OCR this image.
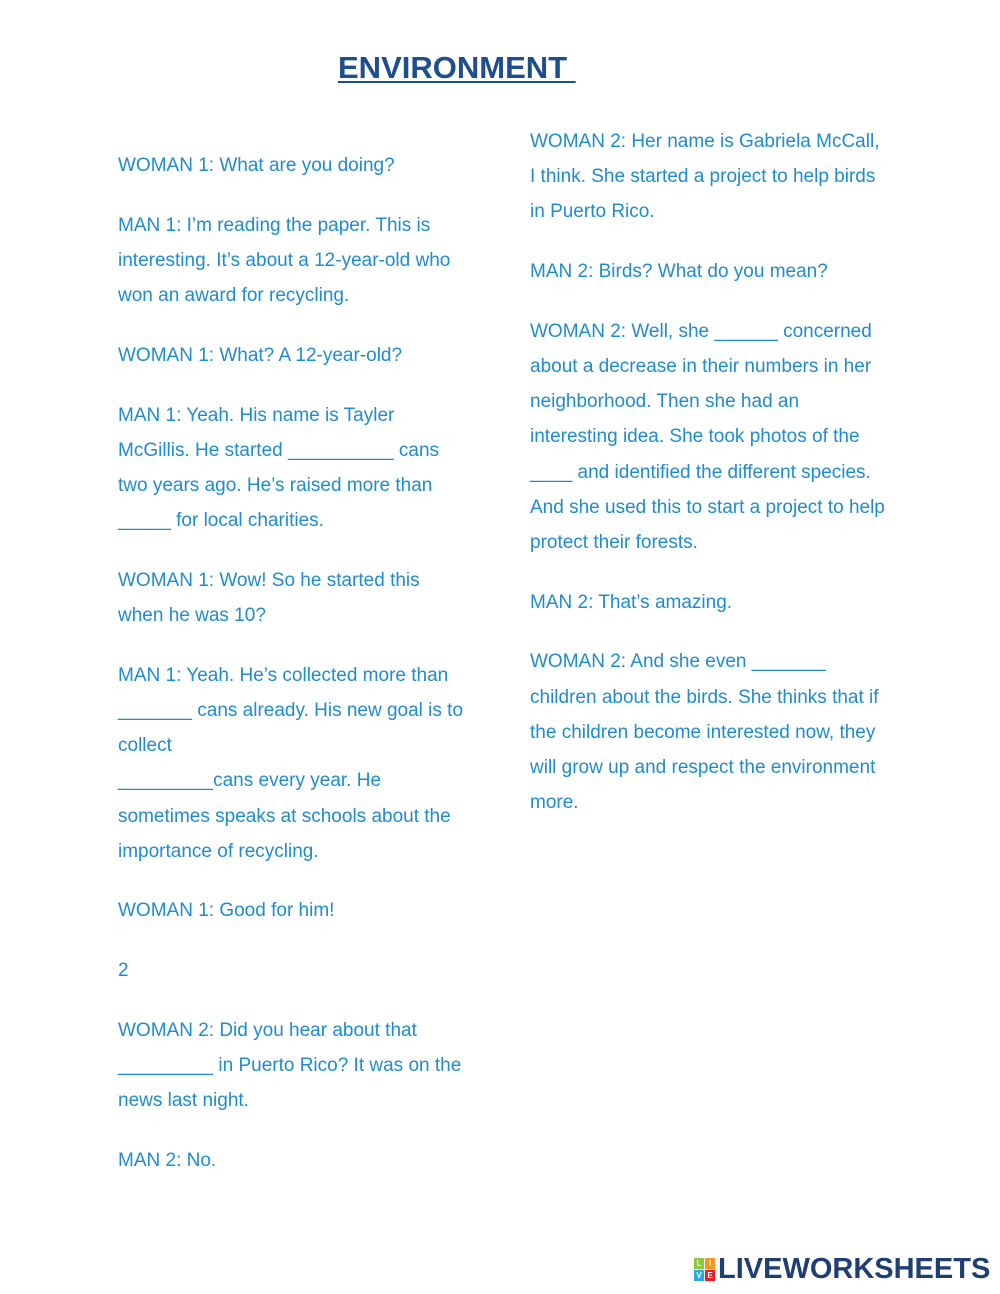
ENVIRONMENT

WOMAN 1: What are you doing?

MAN 1: I’m reading the paper. This is interesting. It’s about a 12-year-old who won an award for recycling.

WOMAN 1: What? A 12-year-old?

MAN 1: Yeah. His name is Tayler McGillis. He started __________ cans two years ago. He’s raised more than _____ for local charities.

WOMAN 1: Wow! So he started this when he was 10?

MAN 1: Yeah. He’s collected more than _______ cans already. His new goal is to collect
_________cans every year. He sometimes speaks at schools about the importance of recycling.

WOMAN 1: Good for him!

2

WOMAN 2: Did you hear about that _________ in Puerto Rico? It was on the news last night.

MAN 2: No.

WOMAN 2: Her name is Gabriela McCall, I think. She started a project to help birds in Puerto Rico.

MAN 2: Birds? What do you mean?

WOMAN 2: Well, she ______ concerned about a decrease in their numbers in her neighborhood. Then she had an interesting idea. She took photos of the ____ and identified the different species. And she used this to start a project to help protect their forests.

MAN 2: That’s amazing.

WOMAN 2: And she even _______ children about the birds. She thinks that if the children become interested now, they will grow up and respect the environment more.

L I
V E LIVEWORKSHEETS
